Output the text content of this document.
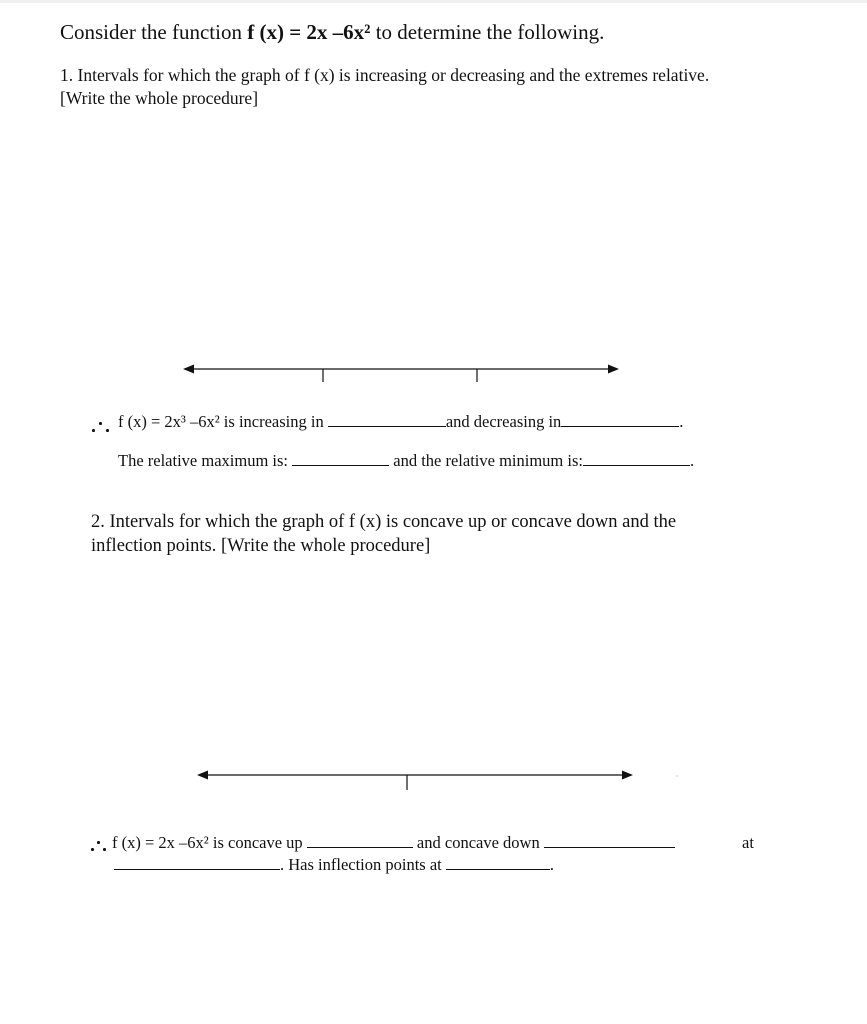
Consider the function f (x) = 2x –6x² to determine the following.
1. Intervals for which the graph of f (x) is increasing or decreasing and the extremes relative.
[Write the whole procedure]
f (x) = 2x³ –6x² is increasing in	and decreasing in	.
The relative maximum is:	and the relative minimum is:	.
2. Intervals for which the graph of f (x) is concave up or concave down and the
inflection points. [Write the whole procedure]
f (x) = 2x –6x² is concave up	and concave down	at
. Has inflection points at	.
